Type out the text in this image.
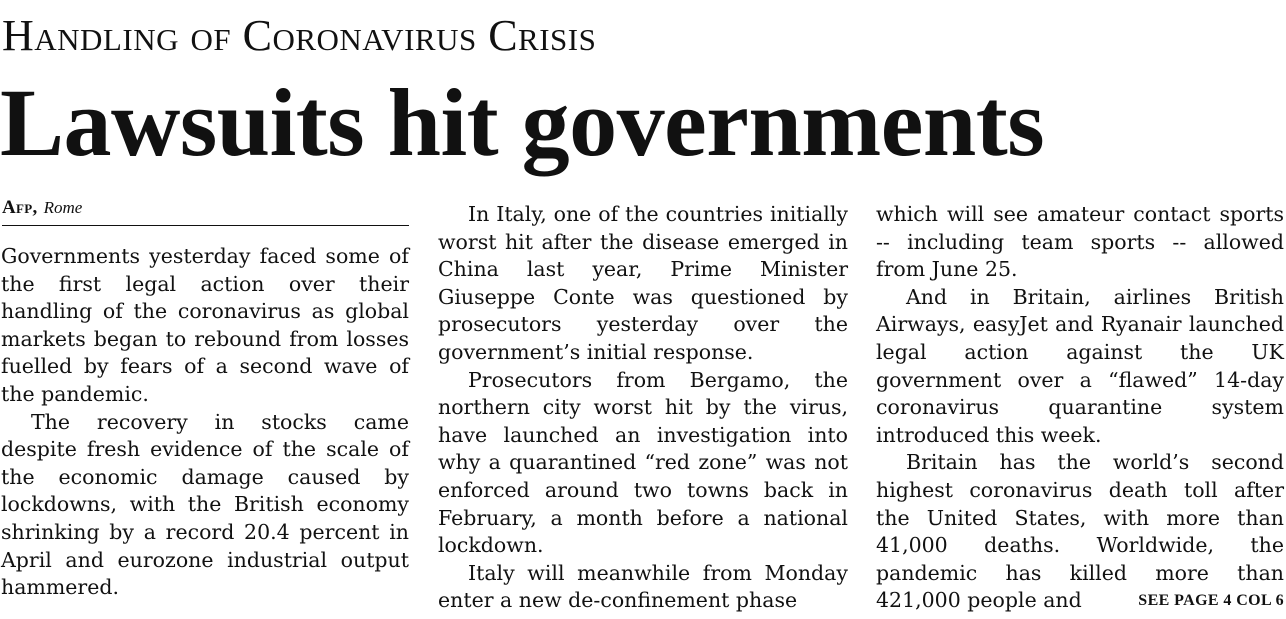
Handling of Coronavirus Crisis
Lawsuits hit governments
Afp, Rome

Governments yesterday faced some of the first legal action over their handling of the coronavirus as global markets began to rebound from losses fuelled by fears of a second wave of the pandemic.

The recovery in stocks came despite fresh evidence of the scale of the economic damage caused by lockdowns, with the British economy shrinking by a record 20.4 percent in April and eurozone industrial output hammered.

In Italy, one of the countries initially worst hit after the disease emerged in China last year, Prime Minister Giuseppe Conte was questioned by prosecutors yesterday over the government’s initial response.

Prosecutors from Bergamo, the northern city worst hit by the virus, have launched an investigation into why a quarantined “red zone” was not enforced around two towns back in February, a month before a national lockdown.

Italy will meanwhile from Monday enter a new de-confinement phase

which will see amateur contact sports -- including team sports -- allowed from June 25.

And in Britain, airlines British Airways, easyJet and Ryanair launched legal action against the UK government over a “flawed” 14-day coronavirus quarantine system introduced this week.

Britain has the world’s second highest coronavirus death toll after the United States, with more than 41,000 deaths. Worldwide, the pandemic has killed more than 421,000 people and	SEE PAGE 4 COL 6
